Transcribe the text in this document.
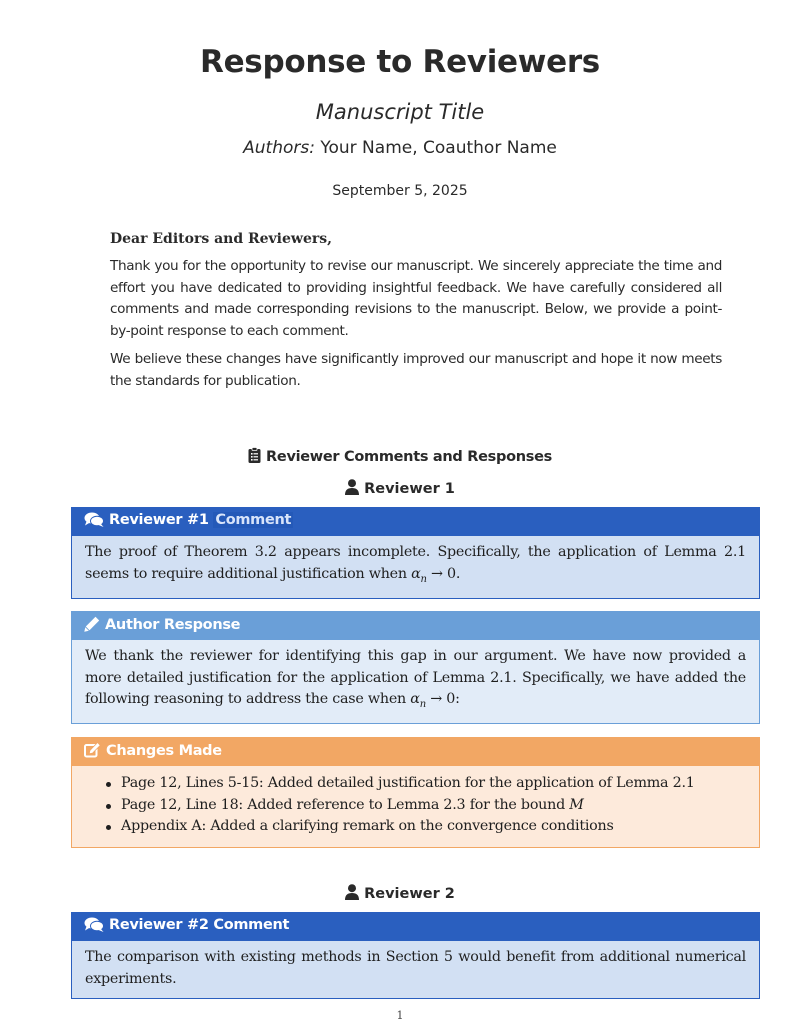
Response to Reviewers
Manuscript Title
Authors: Your Name, Coauthor Name
September 5, 2025

Dear Editors and Reviewers,

Thank you for the opportunity to revise our manuscript. We sincerely appreciate the time and effort you have dedicated to providing insightful feedback. We have carefully considered all comments and made corresponding revisions to the manuscript. Below, we provide a point-by-point response to each comment.

We believe these changes have significantly improved our manuscript and hope it now meets the standards for publication.

Reviewer Comments and Responses
Reviewer 1
Reviewer #1 Comment
The proof of Theorem 3.2 appears incomplete. Specifically, the application of Lemma 2.1 seems to require additional justification when $\alpha_n \to 0$.
Author Response
We thank the reviewer for identifying this gap in our argument. We have now provided a more detailed justification for the application of Lemma 2.1. Specifically, we have added the following reasoning to address the case when $\alpha_n \to 0$:
Changes Made
Page 12, Lines 5-15: Added detailed justification for the application of Lemma 2.1
Page 12, Line 18: Added reference to Lemma 2.3 for the bound M
Appendix A: Added a clarifying remark on the convergence conditions
Reviewer 2
Reviewer #2 Comment
The comparison with existing methods in Section 5 would benefit from additional numerical experiments.
1
